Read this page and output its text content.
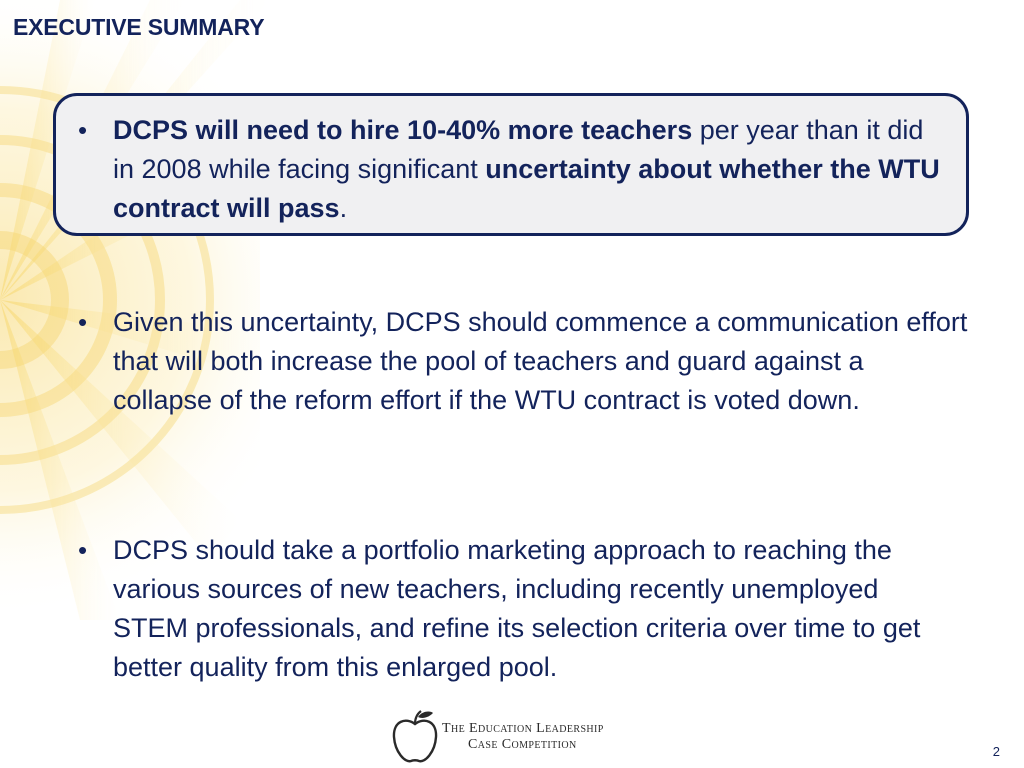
EXECUTIVE SUMMARY
• DCPS will need to hire 10-40% more teachers per year than it did in 2008 while facing significant uncertainty about whether the WTU contract will pass.
• Given this uncertainty, DCPS should commence a communication effort that will both increase the pool of teachers and guard against a collapse of the reform effort if the WTU contract is voted down.
• DCPS should take a portfolio marketing approach to reaching the various sources of new teachers, including recently unemployed STEM professionals, and refine its selection criteria over time to get better quality from this enlarged pool.
The Education Leadership
Case Competition	2
